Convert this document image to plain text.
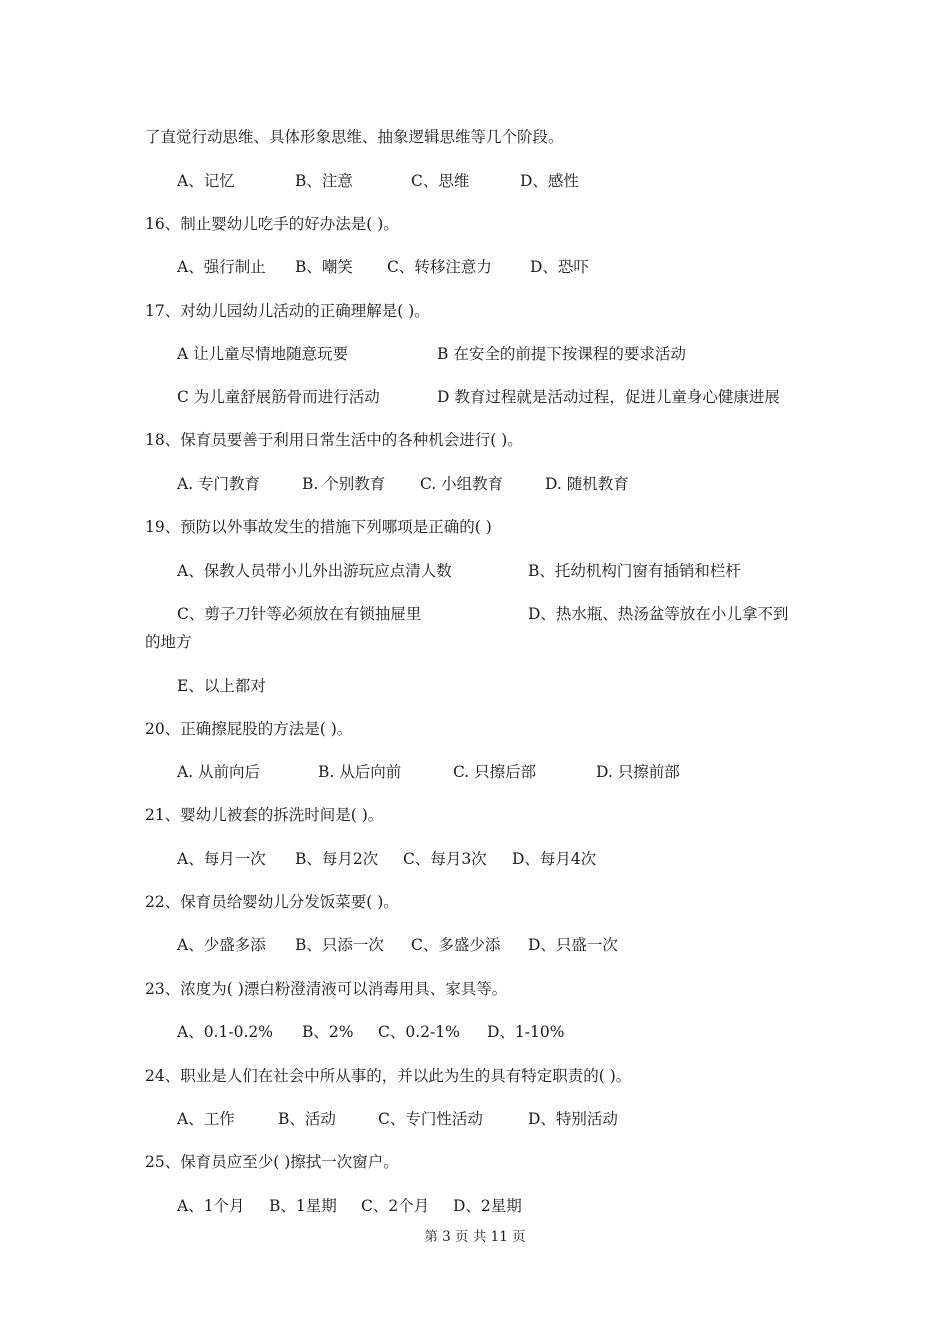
了直觉行动思维、具体形象思维、抽象逻辑思维等几个阶段。
A、记忆	B、注意	C、思维	D、感性
16、制止婴幼儿吃手的好办法是( )。
A、强行制止 B、嘲笑 C、转移注意力 D、恐吓
17、对幼儿园幼儿活动的正确理解是( )。
A 让儿童尽情地随意玩要	B 在安全的前提下按课程的要求活动
C 为儿童舒展筋骨而进行活动	D 教育过程就是活动过程，促进儿童身心健康进展
18、保育员要善于利用日常生活中的各种机会进行( )。
A. 专门教育	B. 个别教育 C. 小组教育	D. 随机教育
19、预防以外事故发生的措施下列哪项是正确的( )
A、保教人员带小儿外出游玩应点清人数	B、托幼机构门窗有插销和栏杆
C、剪子刀针等必须放在有锁抽屉里	D、热水瓶、热汤盆等放在小儿拿不到
的地方
E、以上都对
20、正确擦屁股的方法是( )。
A. 从前向后	B. 从后向前	C. 只擦后部	D. 只擦前部
21、婴幼儿被套的拆洗时间是( )。
A、每月一次 B、每月2次 C、每月3次 D、每月4次
22、保育员给婴幼儿分发饭菜要( )。
A、少盛多添 B、只添一次 C、多盛少添 D、只盛一次
23、浓度为( )漂白粉澄清液可以消毒用具、家具等。
A、0.1-0.2% B、2% C、0.2-1% D、1-10%
24、职业是人们在社会中所从事的，并以此为生的具有特定职责的( )。
A、工作	B、活动	C、专门性活动	D、特别活动
25、保育员应至少( )擦拭一次窗户。
A、1个月 B、1星期 C、2个月 D、2星期
第 3 页 共 11 页
